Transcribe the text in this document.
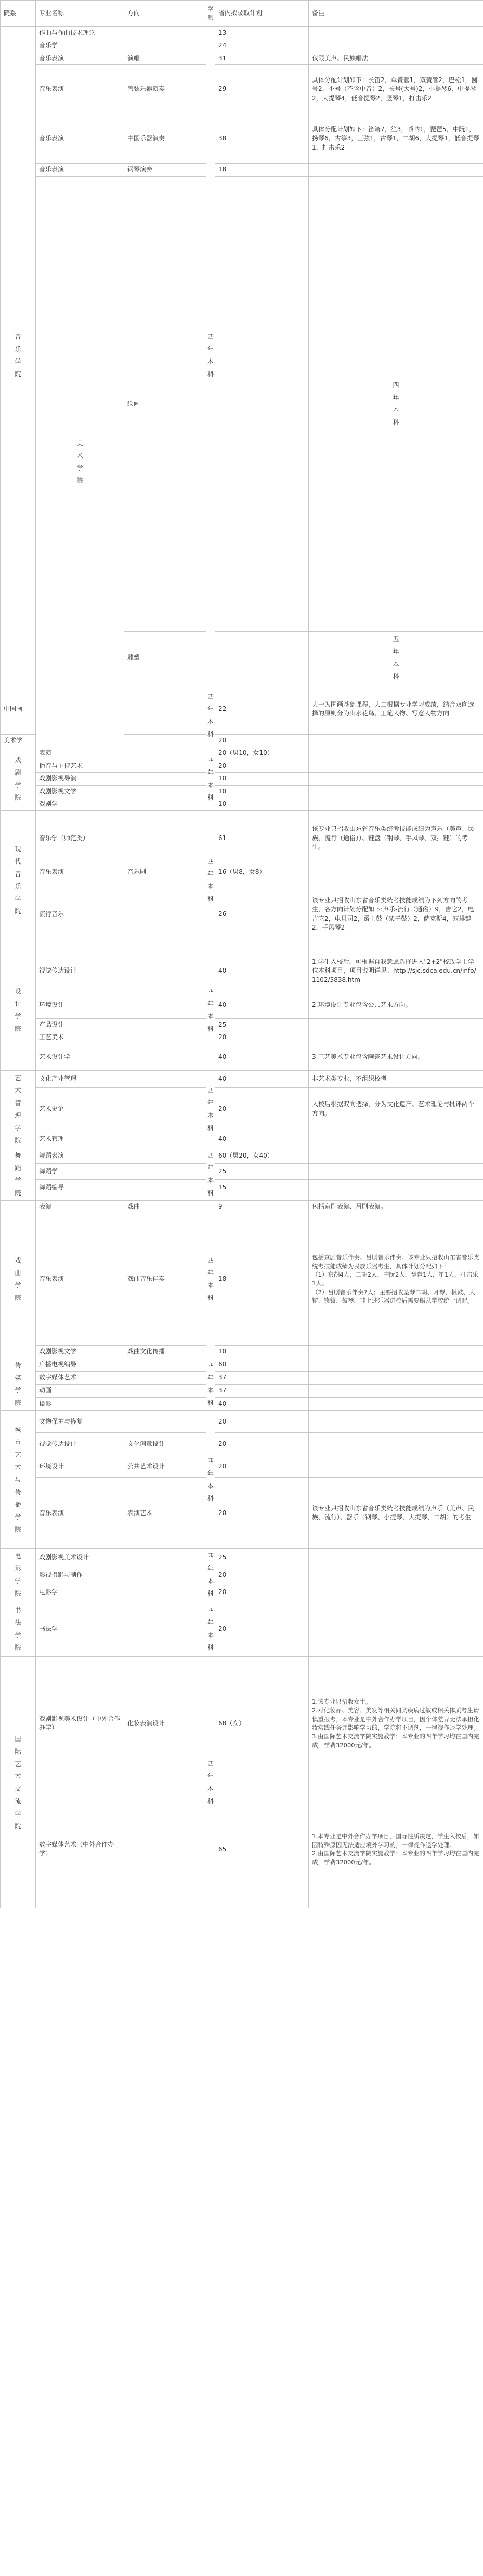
院系	专业名称	方向	学制	省内拟录取计划	备注	

音乐学院	作曲与作曲技术理论		四年本科	13		
	音乐学			24		
	音乐表演	演唱		31	仅限美声、民族唱法	
	音乐表演	管弦乐器演奏		29	具体分配计划如下：长笛2，单簧管1，双簧管2，巴松1，圆号2，小号（不含中音）2，长号(大号)2，小提琴6，中提琴2，大提琴4，低音提琴2，竖琴1，打击乐2	
	音乐表演	中国乐器演奏		38	具体分配计划如下：笛箫7，笙3，唢呐1，琵琶5，中阮1，扬琴6，古筝3，三弦1，古琴1，二胡6，大提琴1，低音提琴1，打击乐2	
	音乐表演	钢琴演奏		18		

	美术学院	绘画			四年本科

		雕塑			五年本科

中国画			四年本科	22	大一为国画基础课程，大二根据专业学习成绩，结合双向选择的原则分为山水花鸟、工笔人物、写意人物方向	
美术学				20		

戏剧学院	表演		四年本科	20（男10，女10）		
	播音与主持艺术			20		
	戏剧影视导演			10		
	戏剧影视文学			10		
	戏剧学			10		

现代音乐学院	音乐学（师范类）		四年本科	61	该专业只招收山东省音乐类统考技能成绩为声乐（美声、民族、流行（通俗））、键盘（钢琴、手风琴、双排键）的考生。	
	音乐表演	音乐剧		16（男8，女8）		
	流行音乐			26	该专业只招收山东省音乐类统考技能成绩为下列方向的考生，各方向计划分配如下:声乐-流行（通俗）9，吉它2，电吉它2，电贝司2，爵士鼓（架子鼓）2，萨克斯4，双排键2，手风琴2	

设计学院	视觉传达设计		四年本科	40	1.学生入校后，可根据自我意愿选择进入"2+2"校政学士学位本科项目，项目说明详见：http://sjc.sdca.edu.cn/info/1102/3838.htm	
	环境设计			40	2.环境设计专业包含公共艺术方向。	
	产品设计			25		
	工艺美术			20		
	艺术设计学			40	3.工艺美术专业包含陶瓷艺术设计方向。	

艺术管理学院	文化产业管理		四年本科	40	非艺术类专业，不组织校考	
	艺术史论			20	入校后根据双向选择，分为文化遗产、艺术理论与批评两个方向。	
	艺术管理			40		

舞蹈学院	舞蹈表演		四年本科	60（男20，女40）		
	舞蹈学			25		
	舞蹈编导			15		

戏曲学院	表演	戏曲	四年本科	9	包括京剧表演、吕剧表演。	
	音乐表演	戏曲音乐伴奏		18	包括京剧音乐伴奏、吕剧音乐伴奏。该专业只招收山东省音乐类统考技能成绩为民族乐器考生，具体计划分配如下：
（1）京胡4人，二胡2人，中阮2人，琵琶1人，笙1人，打击乐1人。
（2）吕剧音乐伴奏7人；主要招收坠琴二胡、月琴、板鼓、大锣、铙钹、鼓琴，非上述乐器进校后需要服从学校统一调配。	
	戏剧影视文学	戏曲文化传播		10		

传媒学院	广播电视编导		四年本科	60		
	数字媒体艺术			37		
	动画			37		
	摄影			40		

城市艺术与传播学院	文物保护与修复		四年本科	20		
	视觉传达设计	文化创意设计		20		
	环境设计	公共艺术设计		20		
	音乐表演	表演艺术		20	该专业只招收山东省音乐类统考技能成绩为声乐（美声、民族、流行）、器乐（钢琴、小提琴、大提琴、二胡）的考生	

电影学院	戏剧影视美术设计		四年本科	25		
	影视摄影与制作			20		
	电影学			20		

书法学院	书法学		四年本科	20		

国际艺术交流学院	戏剧影视美术设计（中外合作办学）	化妆表演设计	四年本科	68（女）	1.该专业只招收女生。
2.对化妆品、美容、美发等相关同类疾病过敏或相关体质考生请慎重报考，本专业是中外合作办学项目，因个体差异无法承担化妆实践任务并影响学习的，学院将不调剂，一律视作退学处理。
3.由国际艺术交流学院实施教学：本专业的四年学习均在国内完成，学费32000元/年。	
	数字媒体艺术（中外合作办学）			65	1.本专业是中外合作办学项目，国际性质决定，学生入校后，如因特殊原因无法适应境外学习的，一律视作退学处理。
2.由国际艺术交流学院实施教学：本专业的四年学习均在国内完成，学费32000元/年。	
